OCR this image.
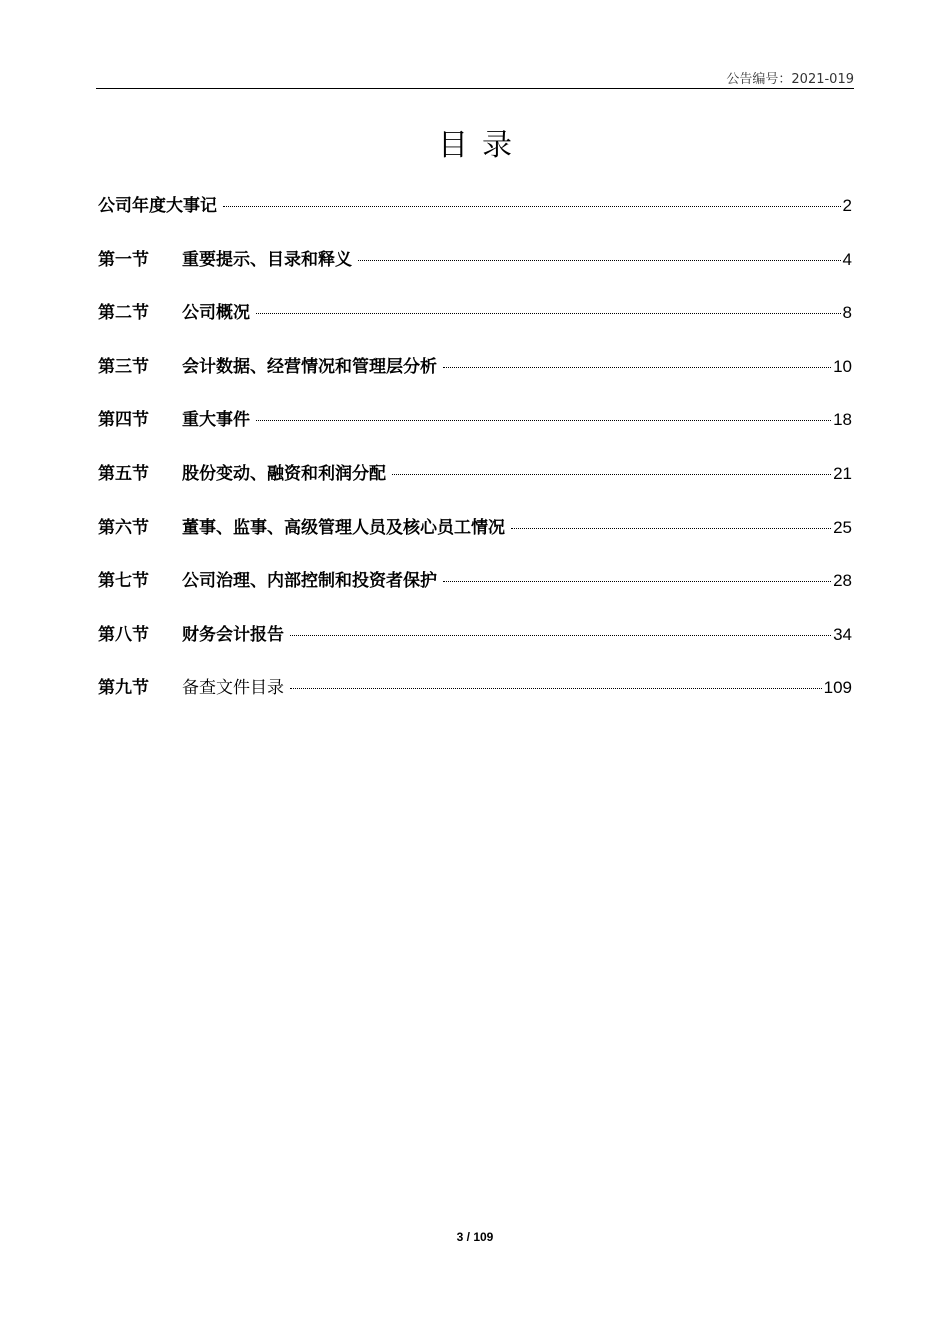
公告编号：2021-019
目录
公司年度大事记	2
第一节	重要提示、目录和释义	4
第二节	公司概况	8
第三节	会计数据、经营情况和管理层分析	10
第四节	重大事件	18
第五节	股份变动、融资和利润分配	21
第六节	董事、监事、高级管理人员及核心员工情况	25
第七节	公司治理、内部控制和投资者保护	28
第八节	财务会计报告	34
第九节	备查文件目录	109
3 / 109
